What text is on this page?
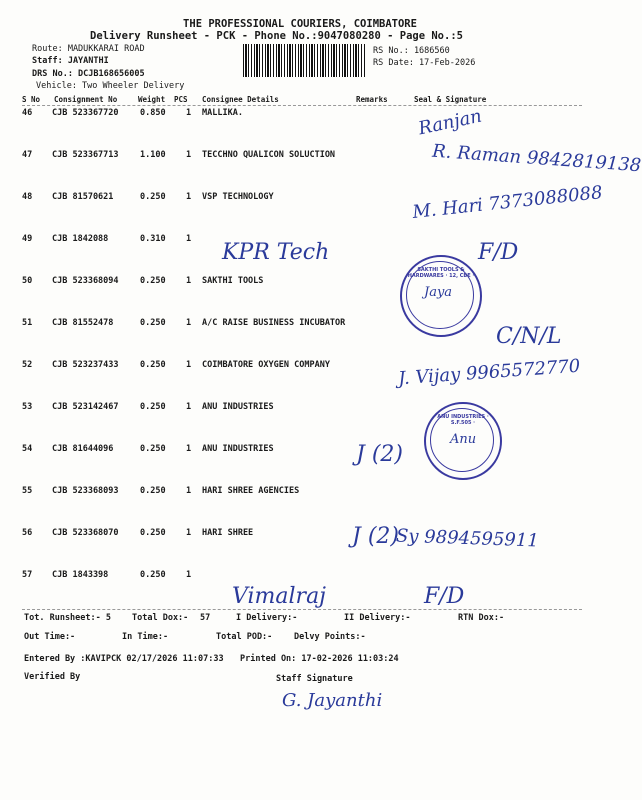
THE PROFESSIONAL COURIERS, COIMBATORE
Delivery Runsheet - PCK - Phone No.:9047080280 - Page No.:5
Route: MADUKKARAI ROAD
Staff: JAYANTHI
DRS No.: DCJB168656005
Vehicle: Two Wheeler Delivery
RS No.: 1686560
RS Date: 17-Feb-2026
S No Consignment No	Weight PCS Consignee Details	Remarks	Seal & Signature
46 CJB 523367720	0.850 1 MALLIKA.
47 CJB 523367713	1.100 1 TECCHNO QUALICON SOLUCTION
48 CJB 81570621	0.250 1 VSP TECHNOLOGY
49 CJB 1842088	0.310 1
50 CJB 523368094	0.250 1 SAKTHI TOOLS
51 CJB 81552478	0.250 1 A/C RAISE BUSINESS INCUBATOR
52 CJB 523237433	0.250 1 COIMBATORE OXYGEN COMPANY
53 CJB 523142467	0.250 1 ANU INDUSTRIES
54 CJB 81644096	0.250 1 ANU INDUSTRIES
55 CJB 523368093	0.250 1 HARI SHREE AGENCIES
56 CJB 523368070	0.250 1 HARI SHREE
57 CJB 1843398	0.250 1
Ranjan
R. Raman 9842819138
M. Hari 7373088088
KPR Tech	F/D
SAKTHI TOOLS & HARDWARES · 12, CBE ·
Jaya
C/N/L
J. Vijay 9965572770
ANU INDUSTRIES · S.F.505 ·
Anu
J (2)
J (2)
Sy 9894595911
Vimalraj	F/D
Tot. Runsheet:- 5 Total Dox:- 57	I Delivery:-	II Delivery:-	RTN Dox:-
Out Time:-	In Time:-	Total POD:-	Delvy Points:-
Entered By :KAVIPCK 02/17/2026 11:07:33 Printed On: 17-02-2026 11:03:24
Verified By	Staff Signature
G. Jayanthi
